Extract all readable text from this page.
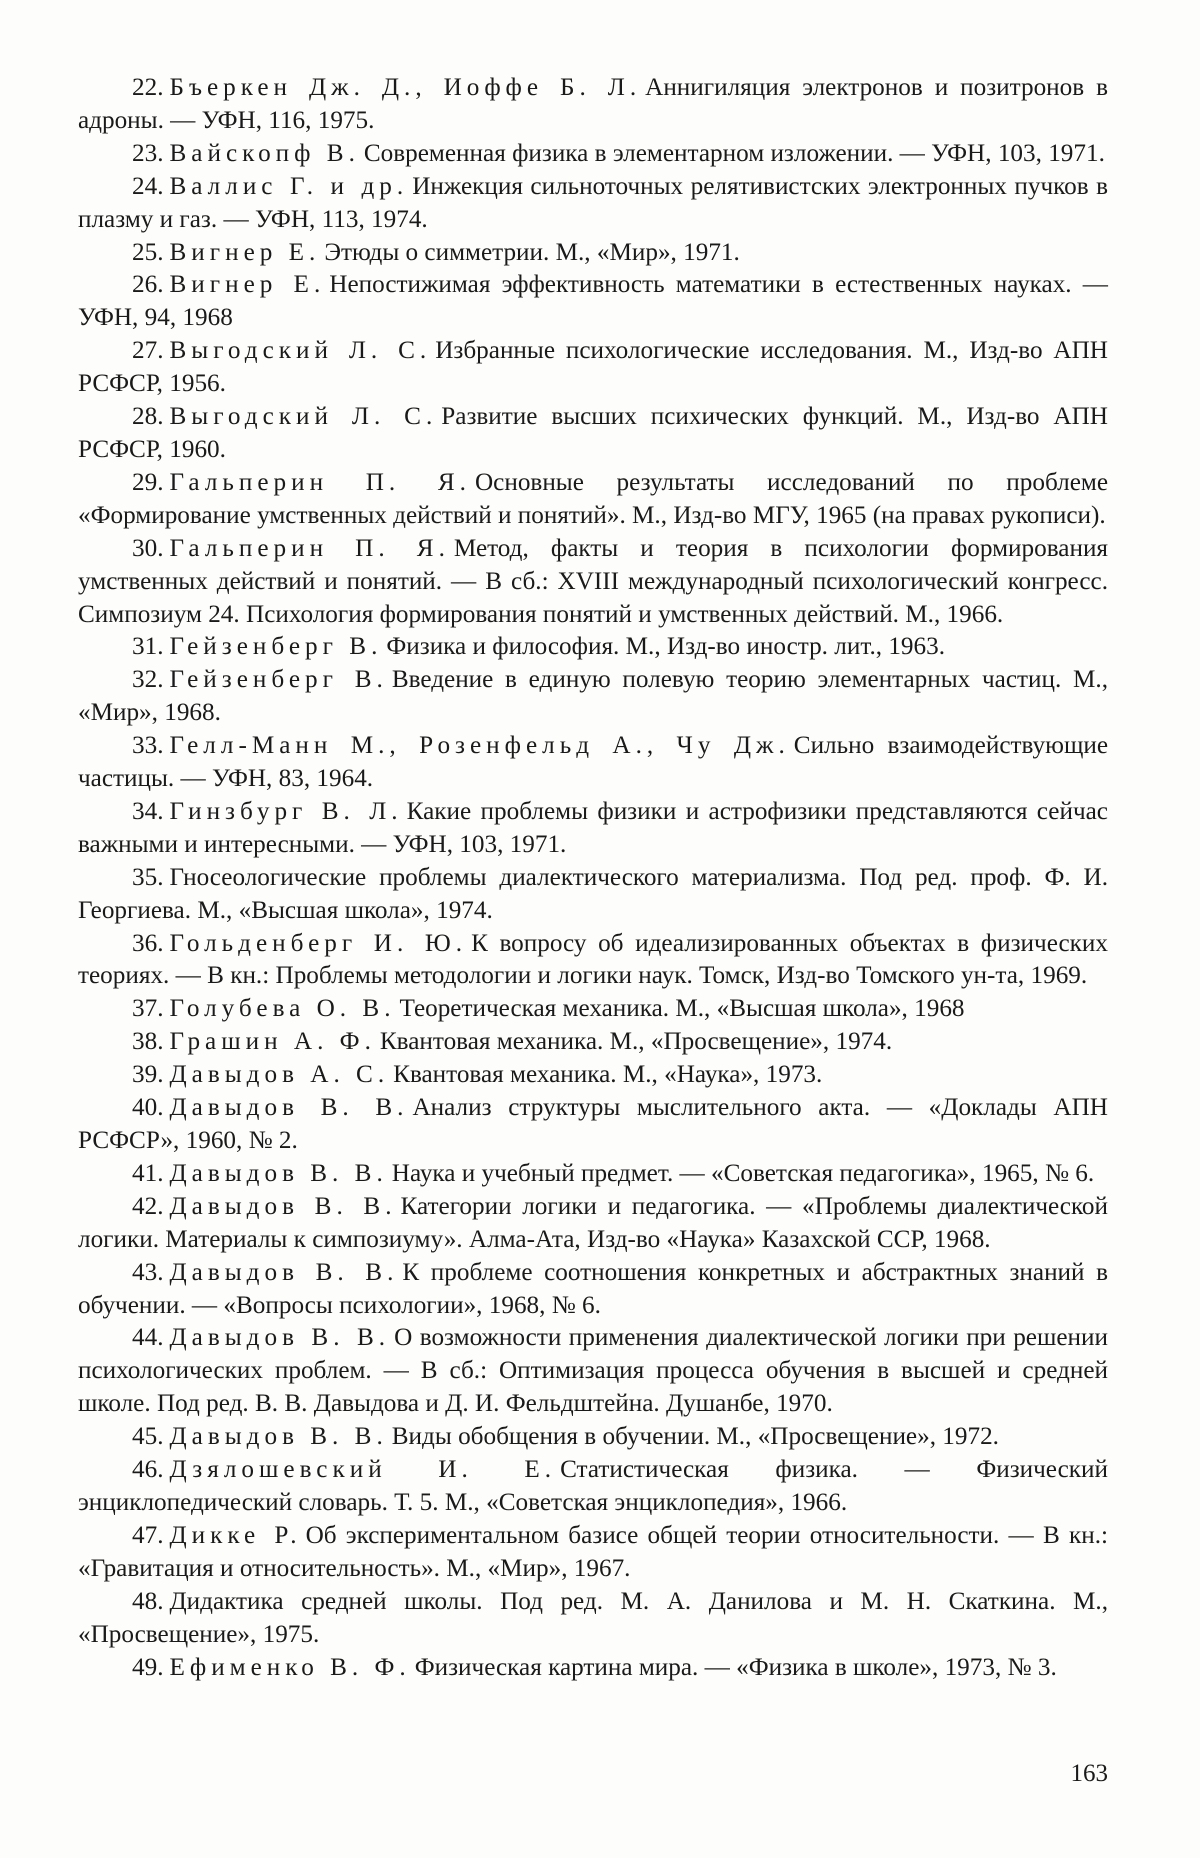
22. Бъеркен Дж. Д., Иоффе Б. Л. Аннигиляция электронов и позитронов в адроны. — УФН, 116, 1975.
23. Вайскопф В. Современная физика в элементарном изложении. — УФН, 103, 1971.
24. Валлис Г. и др. Инжекция сильноточных релятивистских электронных пучков в плазму и газ. — УФН, 113, 1974.
25. Вигнер Е. Этюды о симметрии. М., «Мир», 1971.
26. Вигнер Е. Непостижимая эффективность математики в естественных науках. — УФН, 94, 1968
27. Выгодский Л. С. Избранные психологические исследования. М., Изд-во АПН РСФСР, 1956.
28. Выгодский Л. С. Развитие высших психических функций. М., Изд-во АПН РСФСР, 1960.
29. Гальперин П. Я. Основные результаты исследований по проблеме «Формирование умственных действий и понятий». М., Изд-во МГУ, 1965 (на правах рукописи).
30. Гальперин П. Я. Метод, факты и теория в психологии формирования умственных действий и понятий. — В сб.: XVIII международный психологический конгресс. Симпозиум 24. Психология формирования понятий и умственных действий. М., 1966.
31. Гейзенберг В. Физика и философия. М., Изд-во иностр. лит., 1963.
32. Гейзенберг В. Введение в единую полевую теорию элементарных частиц. М., «Мир», 1968.
33. Гелл-Манн М., Розенфельд А., Чу Дж. Сильно взаимодействующие частицы. — УФН, 83, 1964.
34. Гинзбург В. Л. Какие проблемы физики и астрофизики представляются сейчас важными и интересными. — УФН, 103, 1971.
35. Гносеологические проблемы диалектического материализма. Под ред. проф. Ф. И. Георгиева. М., «Высшая школа», 1974.
36. Гольденберг И. Ю. К вопросу об идеализированных объектах в физических теориях. — В кн.: Проблемы методологии и логики наук. Томск, Изд-во Томского ун-та, 1969.
37. Голубева О. В. Теоретическая механика. М., «Высшая школа», 1968
38. Грашин А. Ф. Квантовая механика. М., «Просвещение», 1974.
39. Давыдов А. С. Квантовая механика. М., «Наука», 1973.
40. Давыдов В. В. Анализ структуры мыслительного акта. — «Доклады АПН РСФСР», 1960, № 2.
41. Давыдов В. В. Наука и учебный предмет. — «Советская педагогика», 1965, № 6.
42. Давыдов В. В. Категории логики и педагогика. — «Проблемы диалектической логики. Материалы к симпозиуму». Алма-Ата, Изд-во «Наука» Казахской ССР, 1968.
43. Давыдов В. В. К проблеме соотношения конкретных и абстрактных знаний в обучении. — «Вопросы психологии», 1968, № 6.
44. Давыдов В. В. О возможности применения диалектической логики при решении психологических проблем. — В сб.: Оптимизация процесса обучения в высшей и средней школе. Под ред. В. В. Давыдова и Д. И. Фельдштейна. Душанбе, 1970.
45. Давыдов В. В. Виды обобщения в обучении. М., «Просвещение», 1972.
46. Дзялошевский И. Е. Статистическая физика. — Физический энциклопедический словарь. Т. 5. М., «Советская энциклопедия», 1966.
47. Дикке Р. Об экспериментальном базисе общей теории относительности. — В кн.: «Гравитация и относительность». М., «Мир», 1967.
48. Дидактика средней школы. Под ред. М. А. Данилова и М. Н. Скаткина. М., «Просвещение», 1975.
49. Ефименко В. Ф. Физическая картина мира. — «Физика в школе», 1973, № 3.
163
